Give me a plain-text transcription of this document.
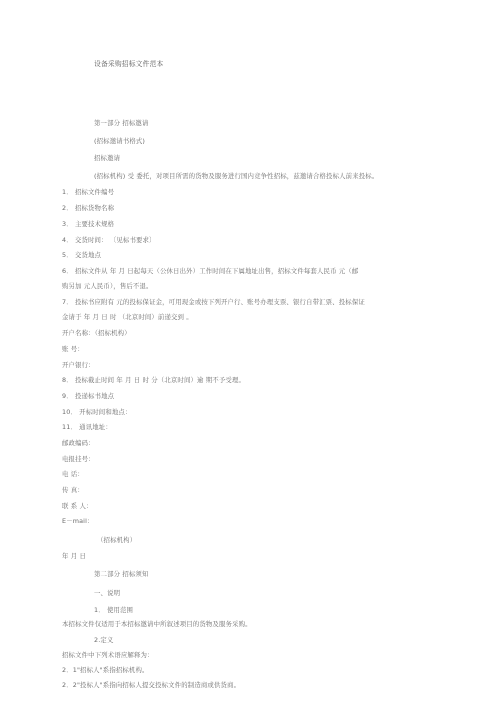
设备采购招标文件范本
第一部分 招标邀请
(招标邀请书格式)
招标邀请
(招标机构) 受 委托，对项目所需的货物及服务进行国内竞争性招标，兹邀请合格投标人前来投标。
1． 招标文件编号
2． 招标货物名称
3． 主要技术规格
4． 交货时间： 〔见标书要求〕
5． 交货地点
6． 招标文件从 年 月 日起每天（公休日出外）工作时间在下属地址出售，招标文件每套人民币 元（邮
购另加 元人民币），售后不退。
7． 投标书应附有 元的投标保证金，可用现金或按下列开户行、账号办理支票、银行自带汇票、投标保证
金请于 年 月 日 时 （北京时间）前递交到 。
开户名称：（招标机构）
账 号：
开户银行：
8． 投标截止时间 年 月 日 时 分（北京时间）逾 期不予受理。
9． 投递标书地点
10． 开标时间和地点：
11． 通讯地址：
邮政编码：
电报挂号：
电 话：
传 真：
联 系 人：
E－mail：
（招标机构）
年 月 日
第二部分 招标须知
一、说明
1． 使用范围
本招标文件仅适用于本招标邀请中所叙述项目的货物及服务采购。
2.定义
招标文件中下列术语应解释为：
2．1"招标人"系指招标机构。
2．2"投标人"系指向招标人提交投标文件的制造商或供货商。
